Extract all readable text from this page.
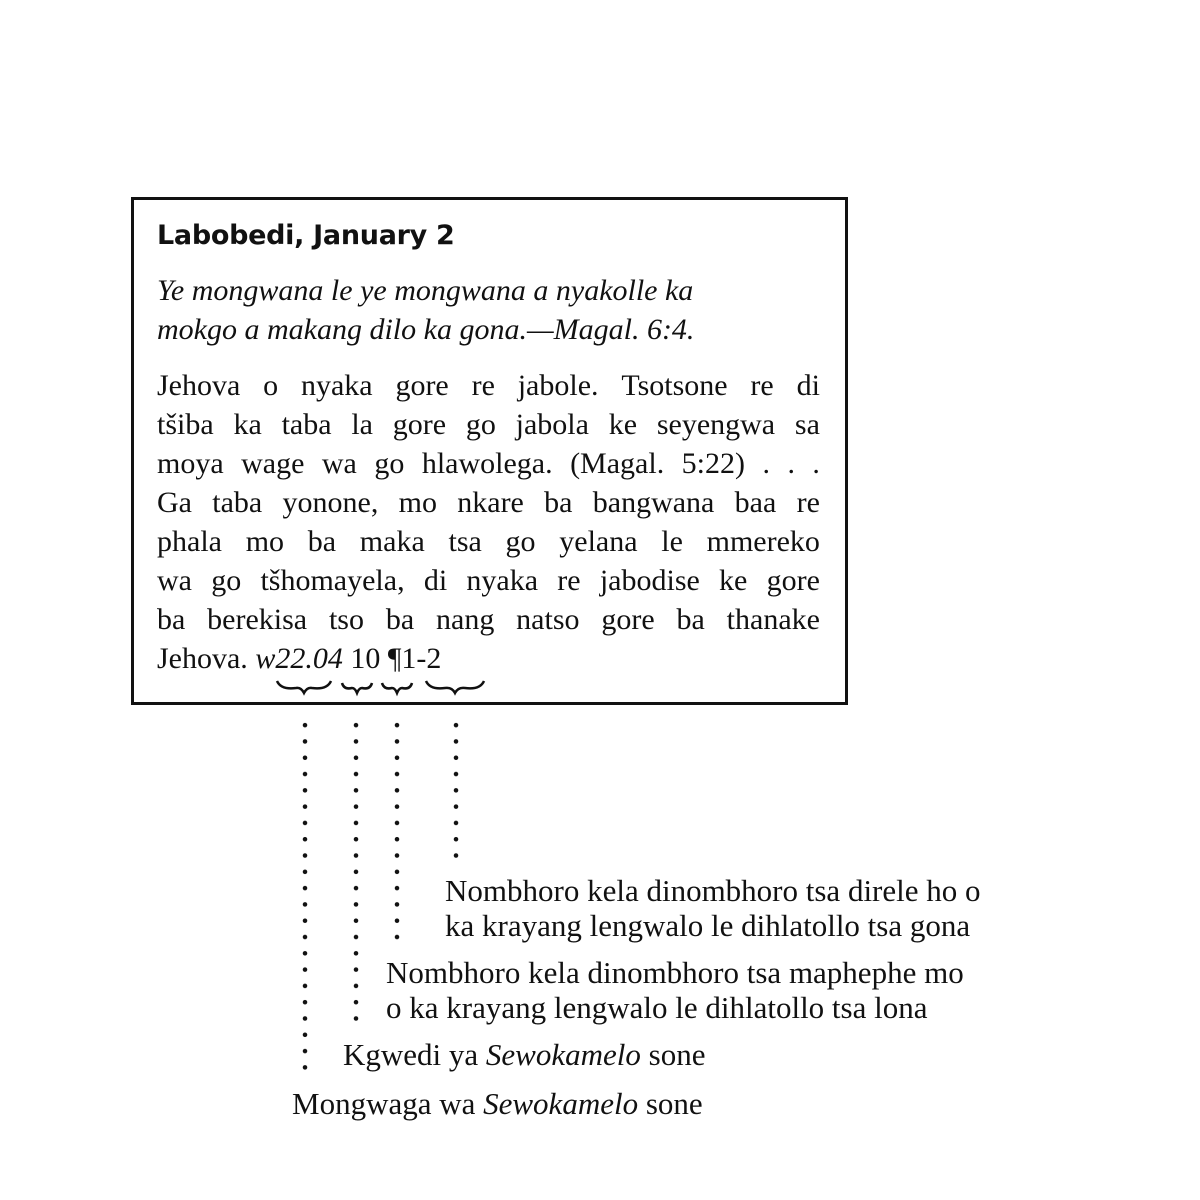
Labobedi, January 2
Ye mongwana le ye mongwana a nyakolle ka
mokgo a makang dilo ka gona.—Magal. 6:4.
Jehova o nyaka gore re jabole. Tsotsone re di
tšiba ka taba la gore go jabola ke seyengwa sa
moya wage wa go hlawolega. (Magal. 5:22) . . .
Ga taba yonone, mo nkare ba bangwana baa re
phala mo ba maka tsa go yelana le mmereko
wa go tšhomayela, di nyaka re jabodise ke gore
ba berekisa tso ba nang natso gore ba thanake
Jehova. w22.04 10 ¶1-2
Nombhoro kela dinombhoro tsa direle ho o
ka krayang lengwalo le dihlatollo tsa gona
Nombhoro kela dinombhoro tsa maphephe mo
o ka krayang lengwalo le dihlatollo tsa lona
Kgwedi ya Sewokamelo sone
Mongwaga wa Sewokamelo sone
